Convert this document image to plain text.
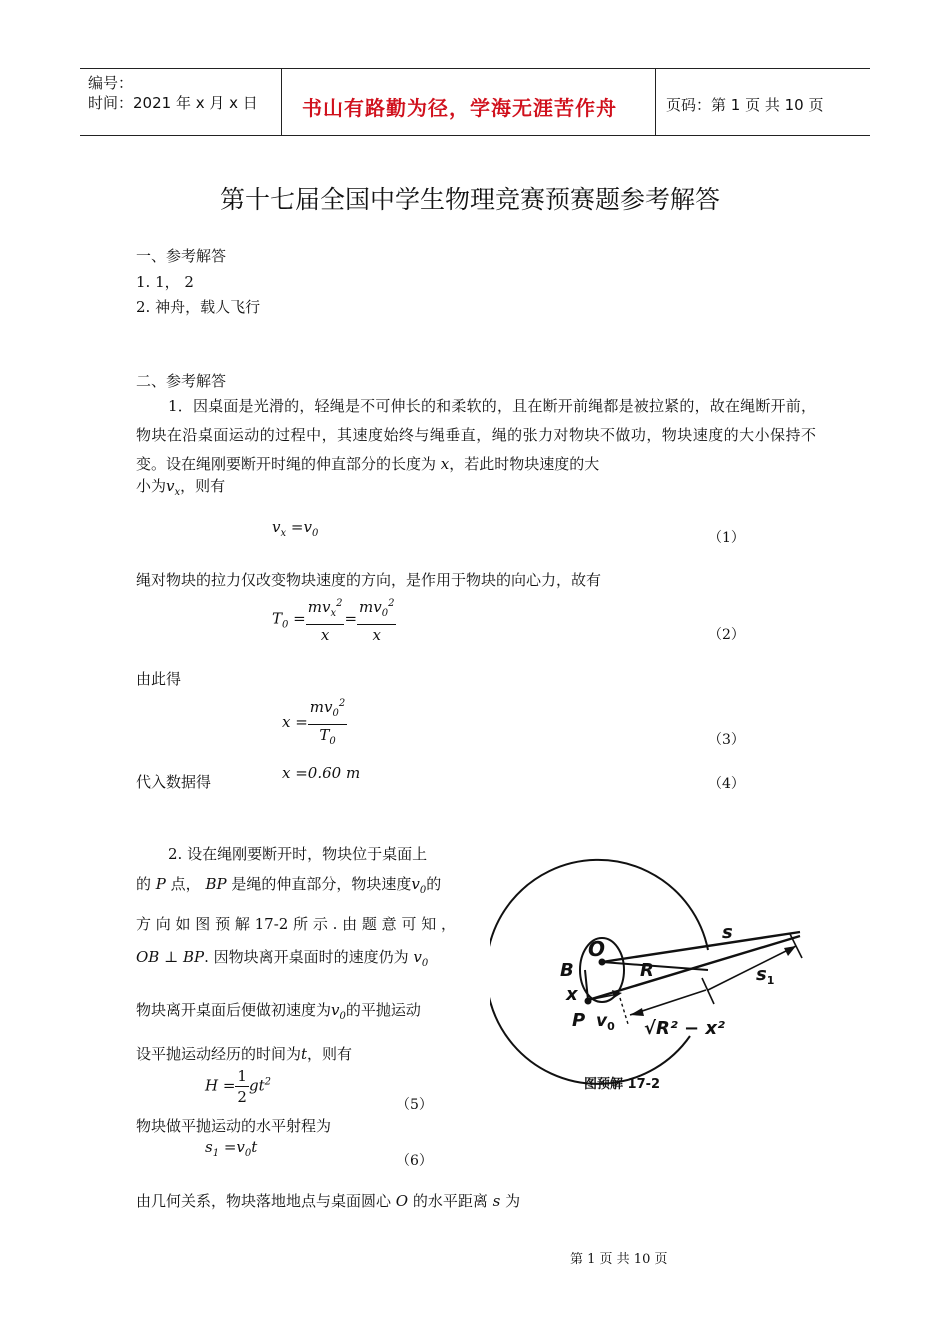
编号：
时间：2021 年 x 月 x 日 书山有路勤为径，学海无涯苦作舟	页码：第 1 页 共 10 页
第十七届全国中学生物理竞赛预赛题参考解答
一、参考解答
1. 1， 2
2. 神舟，载人飞行
二、参考解答
1．因桌面是光滑的，轻绳是不可伸长的和柔软的，且在断开前绳都是被拉紧的，故在绳断开前，物块在沿桌面运动的过程中，其速度始终与绳垂直，绳的张力对物块不做功，物块速度的大小保持不变。设在绳刚要断开时绳的伸直部分的长度为 x，若此时物块速度的大
小为$v_x$，则有
$v_x =v_0$	（1）
绳对物块的拉力仅改变物块速度的方向，是作用于物块的向心力，故有
$T_0 = \frac{mv_x^2}{x} = \frac{mv_0^2}{x}$	（2）
由此得
$x = \frac{mv_0^2}{T_0}$	（3）
代入数据得	x =0.60 m
（4）
2. 设在绳刚要断开时，物块位于桌面上
的 P 点， BP 是绳的伸直部分，物块速度$v_0$的
方 向 如 图 预 解 17-2 所 示 . 由 题 意 可 知 ，
OB ⊥ BP. 因物块离开桌面时的速度仍为 $v_0$
物块离开桌面后便做初速度为$v_0$的平抛运动
设平抛运动经历的时间为t，则有
$H = \frac{1}{2} gt^2$
（5）
物块做平抛运动的水平射程为
$s_1 =v_0t$
（6）
由几何关系，物块落地地点与桌面圆心 O 的水平距离 s 为
O
B	R
s
$s_1$
x
P $v_0$ √R² − x²
图预解 17-2
第 1 页 共 10 页
